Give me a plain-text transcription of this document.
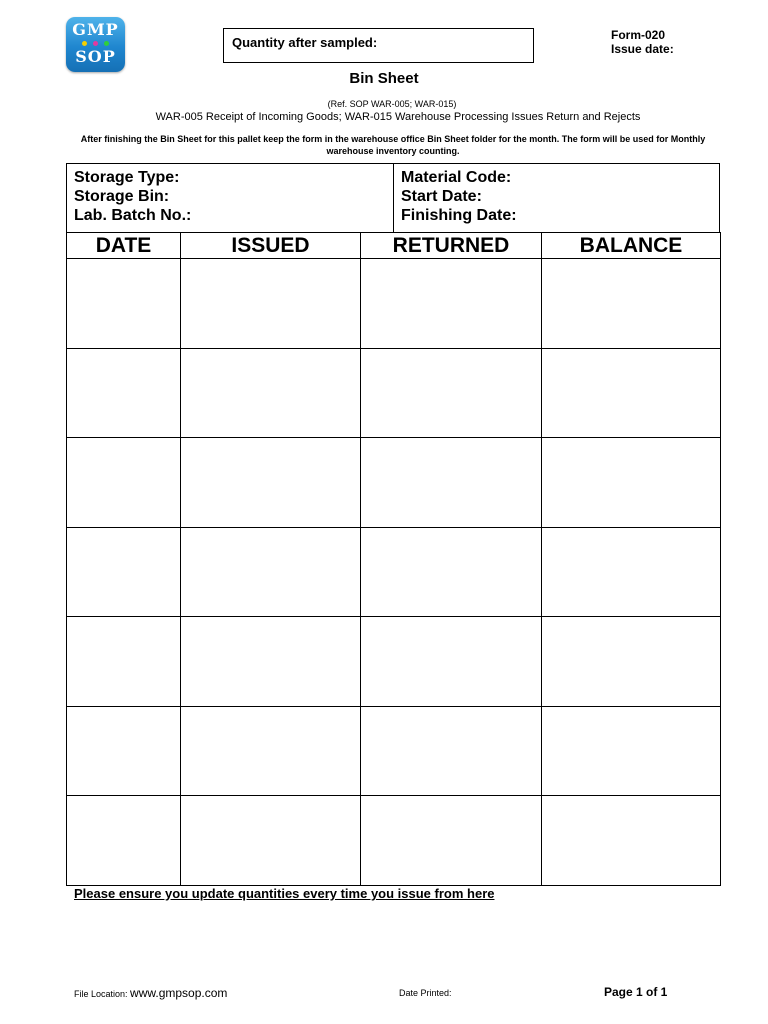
GMP
SOP
Quantity after sampled:	Form-020
Issue date:
Bin Sheet
(Ref. SOP WAR-005; WAR-015)
WAR-005 Receipt of Incoming Goods; WAR-015 Warehouse Processing Issues Return and Rejects
After finishing the Bin Sheet for this pallet keep the form in the warehouse office Bin Sheet folder for the month. The form will be used for Monthly warehouse inventory counting.
Storage Type:
Storage Bin:
Lab. Batch No.:
Material Code:
Start Date:
Finishing Date:
DATE	ISSUED	RETURNED	BALANCE

Please ensure you update quantities every time you issue from here
File Location: www.gmpsop.com	Date Printed:	Page 1 of 1
